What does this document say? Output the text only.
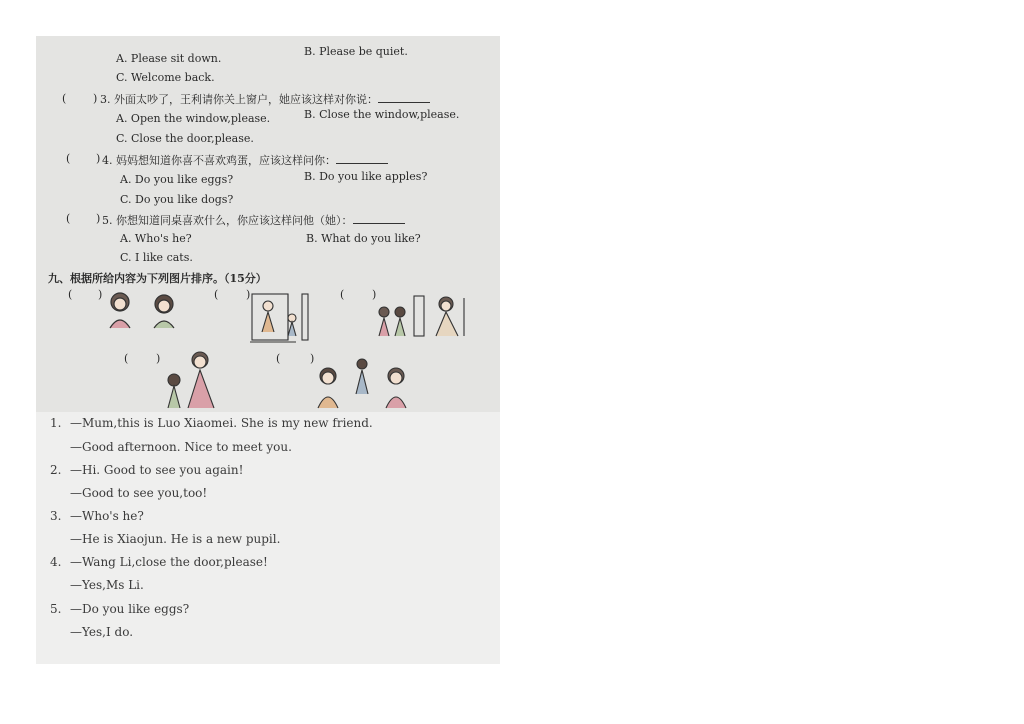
A. Please sit down.
B. Please be quiet.
C. Welcome back.
( ) 3. 外面太吵了，王利请你关上窗户，她应该这样对你说：
A. Open the window,please.	B. Close the window,please.
C. Close the door,please.
( ) 4. 妈妈想知道你喜不喜欢鸡蛋，应该这样问你：
A. Do you like eggs?	B. Do you like apples?
C. Do you like dogs?
( ) 5. 你想知道同桌喜欢什么，你应该这样问他（她）：
A. Who's he?	B. What do you like?
C. I like cats.
九、根据所给内容为下列图片排序。（15分）
( )	(	)	(	)
(	)	(	)
1. —Mum,this is Luo Xiaomei. She is my new friend.
—Good afternoon. Nice to meet you.
2. —Hi. Good to see you again!
—Good to see you,too!
3. —Who's he?
—He is Xiaojun. He is a new pupil.
4. —Wang Li,close the door,please!
—Yes,Ms Li.
5. —Do you like eggs?
—Yes,I do.
